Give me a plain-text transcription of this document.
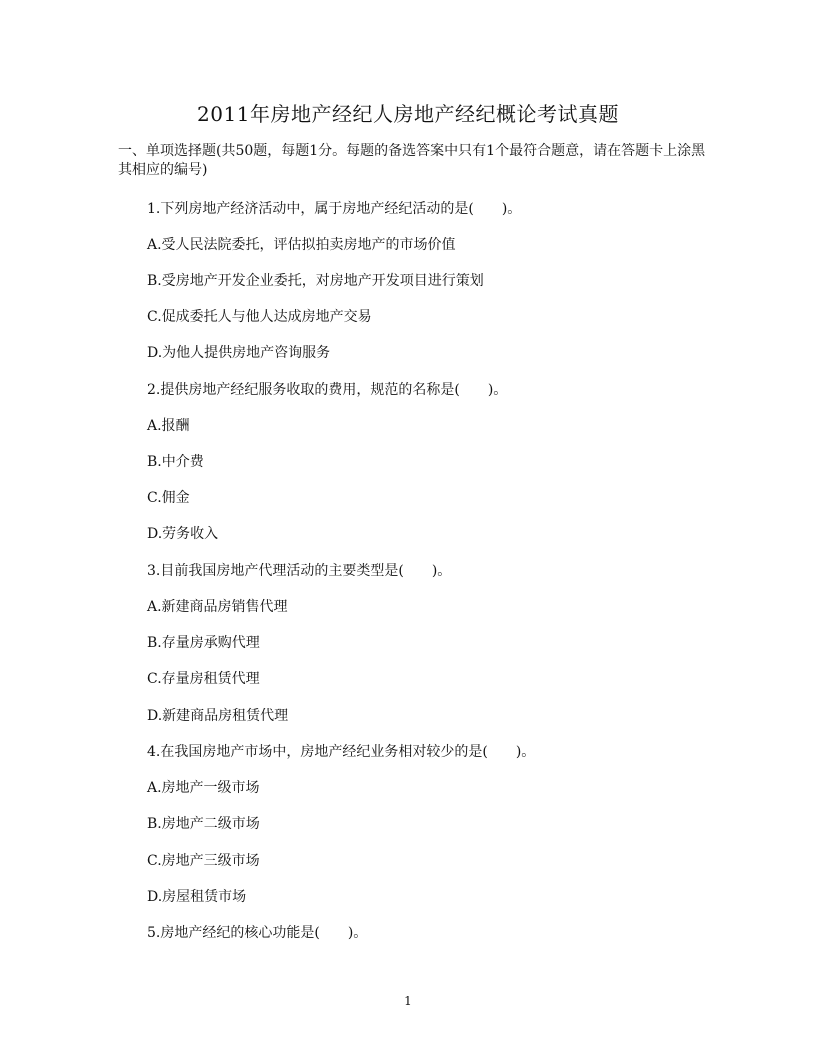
2011年房地产经纪人房地产经纪概论考试真题
一、单项选择题(共50题，每题1分。每题的备选答案中只有1个最符合题意，请在答题卡上涂黑其相应的编号)
1.下列房地产经济活动中，属于房地产经纪活动的是(　　)。
A.受人民法院委托，评估拟拍卖房地产的市场价值
B.受房地产开发企业委托，对房地产开发项目进行策划
C.促成委托人与他人达成房地产交易
D.为他人提供房地产咨询服务
2.提供房地产经纪服务收取的费用，规范的名称是(　　)。
A.报酬
B.中介费
C.佣金
D.劳务收入
3.目前我国房地产代理活动的主要类型是(　　)。
A.新建商品房销售代理
B.存量房承购代理
C.存量房租赁代理
D.新建商品房租赁代理
4.在我国房地产市场中，房地产经纪业务相对较少的是(　　)。
A.房地产一级市场
B.房地产二级市场
C.房地产三级市场
D.房屋租赁市场
5.房地产经纪的核心功能是(　　)。
1
